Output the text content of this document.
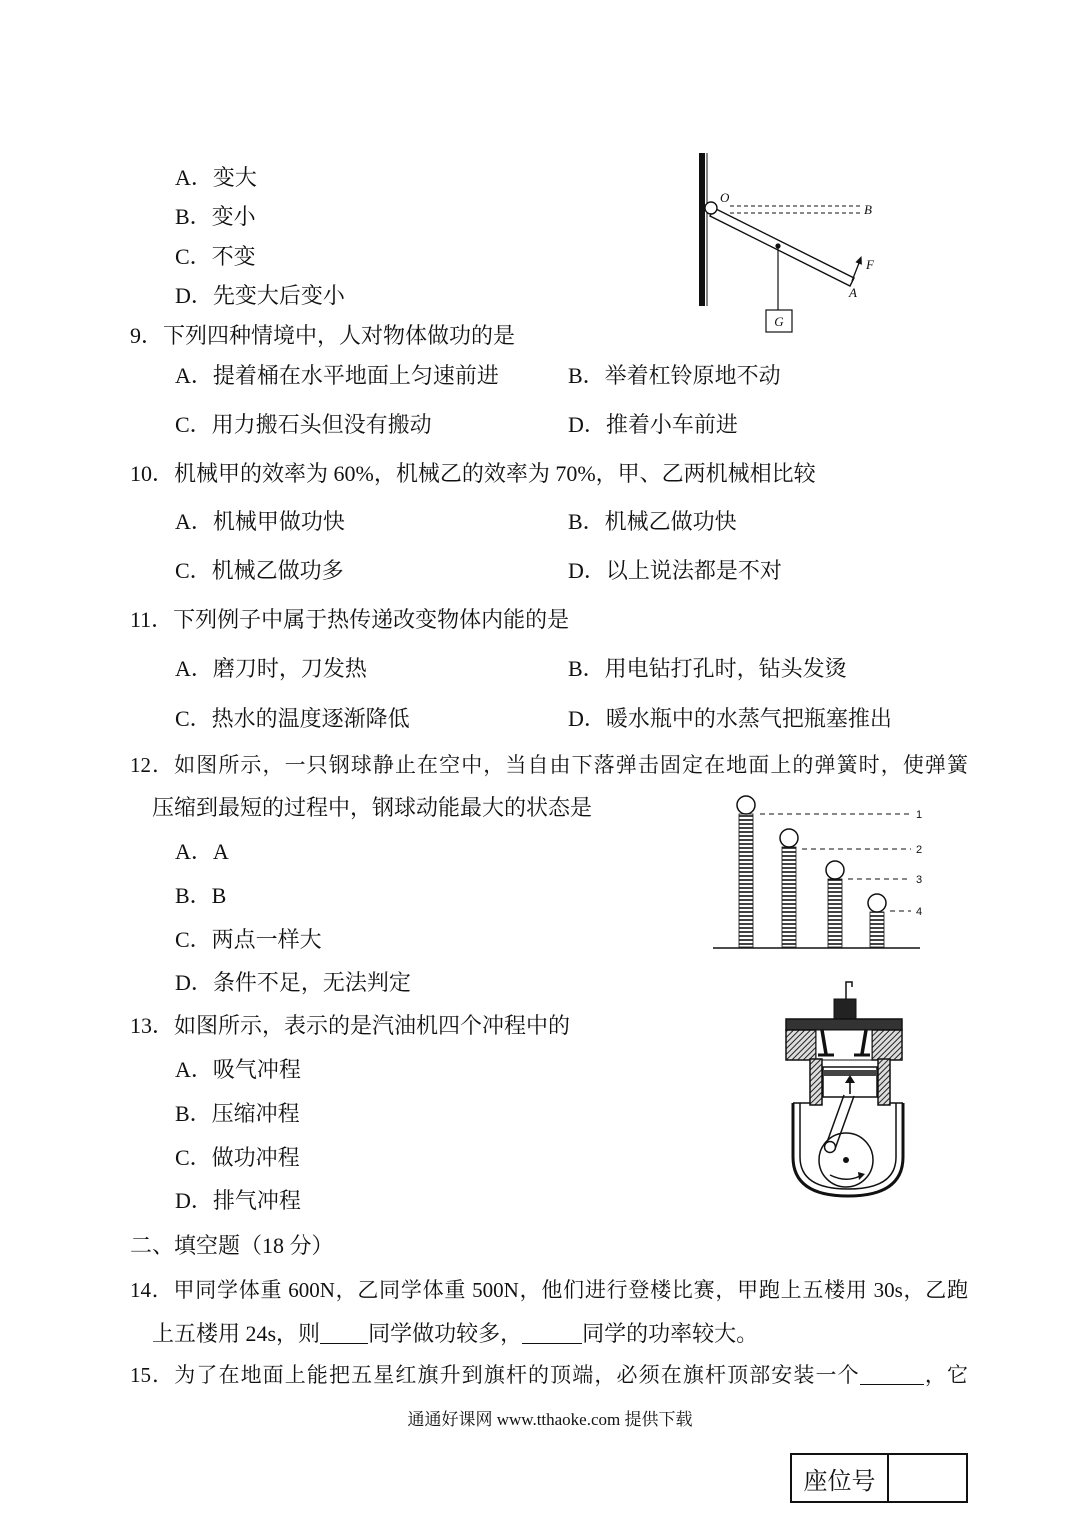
A．变大
B．变小
C．不变
D．先变大后变小
O
B
F
A
G
9．下列四种情境中，人对物体做功的是
A．提着桶在水平地面上匀速前进	B．举着杠铃原地不动
C．用力搬石头但没有搬动	D．推着小车前进
10．机械甲的效率为 60%，机械乙的效率为 70%，甲、乙两机械相比较
A．机械甲做功快	B．机械乙做功快
C．机械乙做功多	D．以上说法都是不对
11．下列例子中属于热传递改变物体内能的是
A．磨刀时，刀发热	B．用电钻打孔时，钻头发烫
C．热水的温度逐渐降低	D．暖水瓶中的水蒸气把瓶塞推出
12．如图所示，一只钢球静止在空中，当自由下落弹击固定在地面上的弹簧时，使弹簧
压缩到最短的过程中，钢球动能最大的状态是
A．A
B．B
C．两点一样大
D．条件不足，无法判定
1
2
3
4
13．如图所示，表示的是汽油机四个冲程中的
A．吸气冲程
B．压缩冲程
C．做功冲程
D．排气冲程
二、填空题（18 分）
14．甲同学体重 600N，乙同学体重 500N，他们进行登楼比赛，甲跑上五楼用 30s，乙跑
上五楼用 24s，则 同学做功较多，	同学的功率较大。
15．为了在地面上能把五星红旗升到旗杆的顶端，必须在旗杆顶部安装一个	，它
通通好课网 www.tthaoke.com 提供下载
座位号
